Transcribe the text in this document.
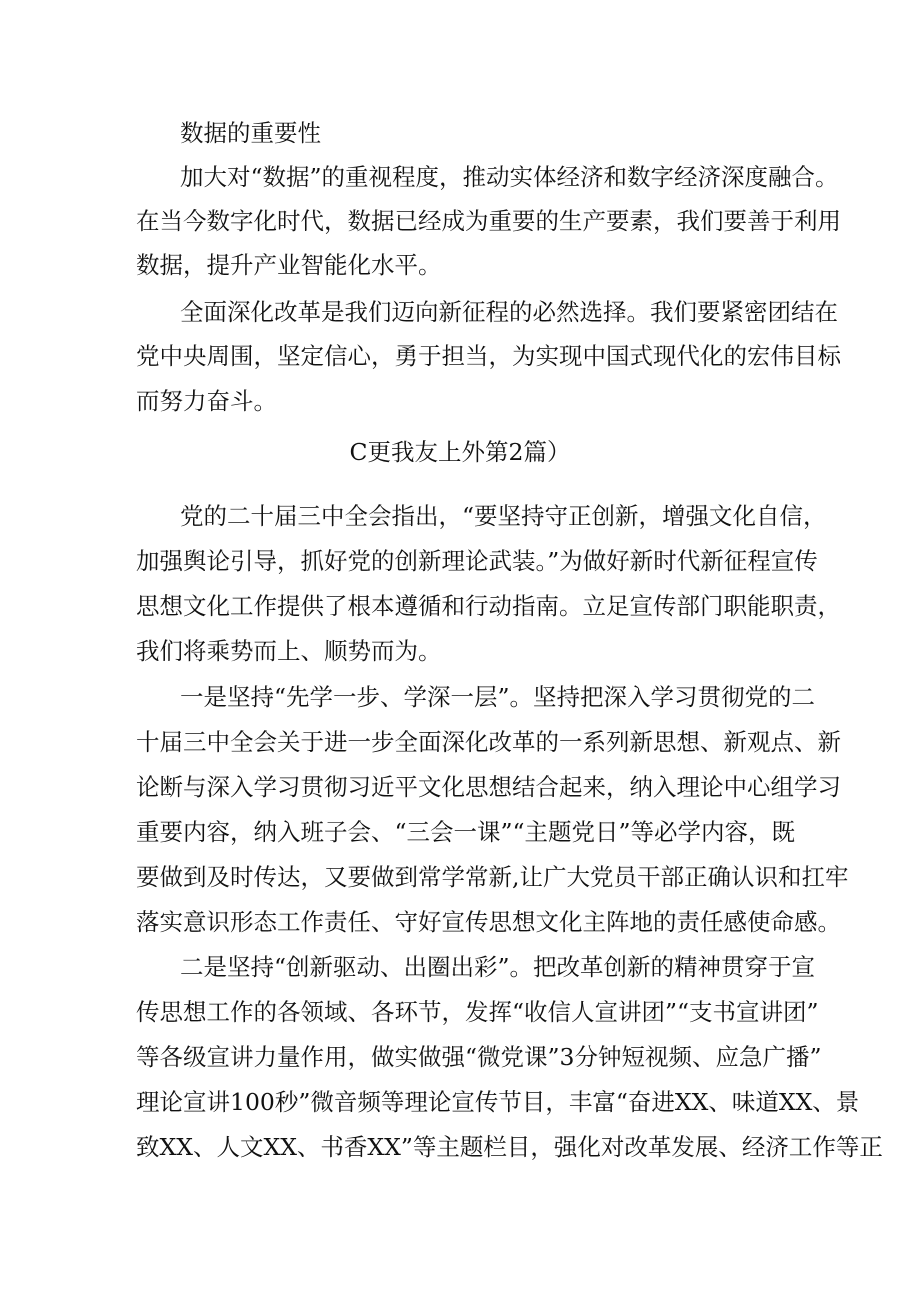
数据的重要性

加大对“数据”的重视程度，推动实体经济和数字经济深度融合。

在当今数字化时代，数据已经成为重要的生产要素，我们要善于利用

数据，提升产业智能化水平。

全面深化改革是我们迈向新征程的必然选择。我们要紧密团结在

党中央周围，坚定信心，勇于担当，为实现中国式现代化的宏伟目标

而努力奋斗。

C更我友上外第2篇）

党的二十届三中全会指出，“要坚持守正创新，增强文化自信，

加强舆论引导，抓好党的创新理论武装。”为做好新时代新征程宣传

思想文化工作提供了根本遵循和行动指南。立足宣传部门职能职责，

我们将乘势而上、顺势而为。

一是坚持“先学一步、学深一层”。坚持把深入学习贯彻党的二

十届三中全会关于进一步全面深化改革的一系列新思想、新观点、新

论断与深入学习贯彻习近平文化思想结合起来，纳入理论中心组学习

重要内容，纳入班子会、“三会一课”“主题党日”等必学内容，既

要做到及时传达，又要做到常学常新,让广大党员干部正确认识和扛牢

落实意识形态工作责任、守好宣传思想文化主阵地的责任感使命感。

二是坚持“创新驱动、出圈出彩”。把改革创新的精神贯穿于宣

传思想工作的各领域、各环节，发挥“收信人宣讲团”“支书宣讲团”

等各级宣讲力量作用，做实做强“微党课”3分钟短视频、应急广播”

理论宣讲100秒”微音频等理论宣传节目，丰富“奋进XX、味道XX、景

致XX、人文XX、书香XX”等主题栏目，强化对改革发展、经济工作等正
